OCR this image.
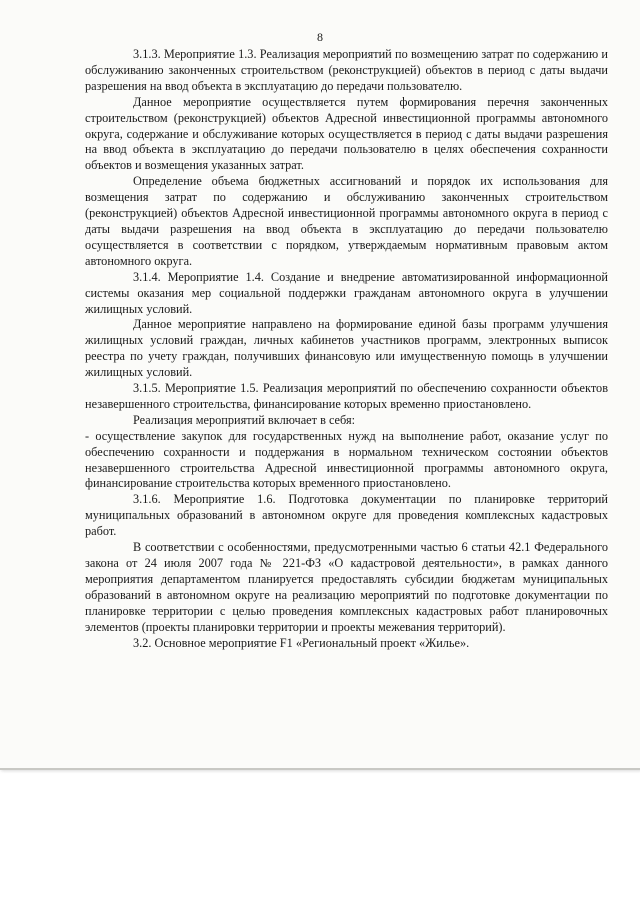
8

3.1.3. Мероприятие 1.3. Реализация мероприятий по возмещению затрат по содержанию и обслуживанию законченных строительством (реконструкцией) объектов в период с даты выдачи разрешения на ввод объекта в эксплуатацию до передачи пользователю.

Данное мероприятие осуществляется путем формирования перечня законченных строительством (реконструкцией) объектов Адресной инвестиционной программы автономного округа, содержание и обслуживание которых осуществляется в период с даты выдачи разрешения на ввод объекта в эксплуатацию до передачи пользователю в целях обеспечения сохранности объектов и возмещения указанных затрат.

Определение объема бюджетных ассигнований и порядок их использования для возмещения затрат по содержанию и обслуживанию законченных строительством (реконструкцией) объектов Адресной инвестиционной программы автономного округа в период с даты выдачи разрешения на ввод объекта в эксплуатацию до передачи пользователю осуществляется в соответствии с порядком, утверждаемым нормативным правовым актом автономного округа.

3.1.4. Мероприятие 1.4. Создание и внедрение автоматизированной информационной системы оказания мер социальной поддержки гражданам автономного округа в улучшении жилищных условий.

Данное мероприятие направлено на формирование единой базы программ улучшения жилищных условий граждан, личных кабинетов участников программ, электронных выписок реестра по учету граждан, получивших финансовую или имущественную помощь в улучшении жилищных условий.

3.1.5. Мероприятие 1.5. Реализация мероприятий по обеспечению сохранности объектов незавершенного строительства, финансирование которых временно приостановлено.

Реализация мероприятий включает в себя:

- осуществление закупок для государственных нужд на выполнение работ, оказание услуг по обеспечению сохранности и поддержания в нормальном техническом состоянии объектов незавершенного строительства Адресной инвестиционной программы автономного округа, финансирование строительства которых временного приостановлено.

3.1.6. Мероприятие 1.6. Подготовка документации по планировке территорий муниципальных образований в автономном округе для проведения комплексных кадастровых работ.

В соответствии с особенностями, предусмотренными частью 6 статьи 42.1 Федерального закона от 24 июля 2007 года № 221-ФЗ «О кадастровой деятельности», в рамках данного мероприятия департаментом планируется предоставлять субсидии бюджетам муниципальных образований в автономном округе на реализацию мероприятий по подготовке документации по планировке территории с целью проведения комплексных кадастровых работ планировочных элементов (проекты планировки территории и проекты межевания территорий).

3.2. Основное мероприятие F1 «Региональный проект «Жилье».
